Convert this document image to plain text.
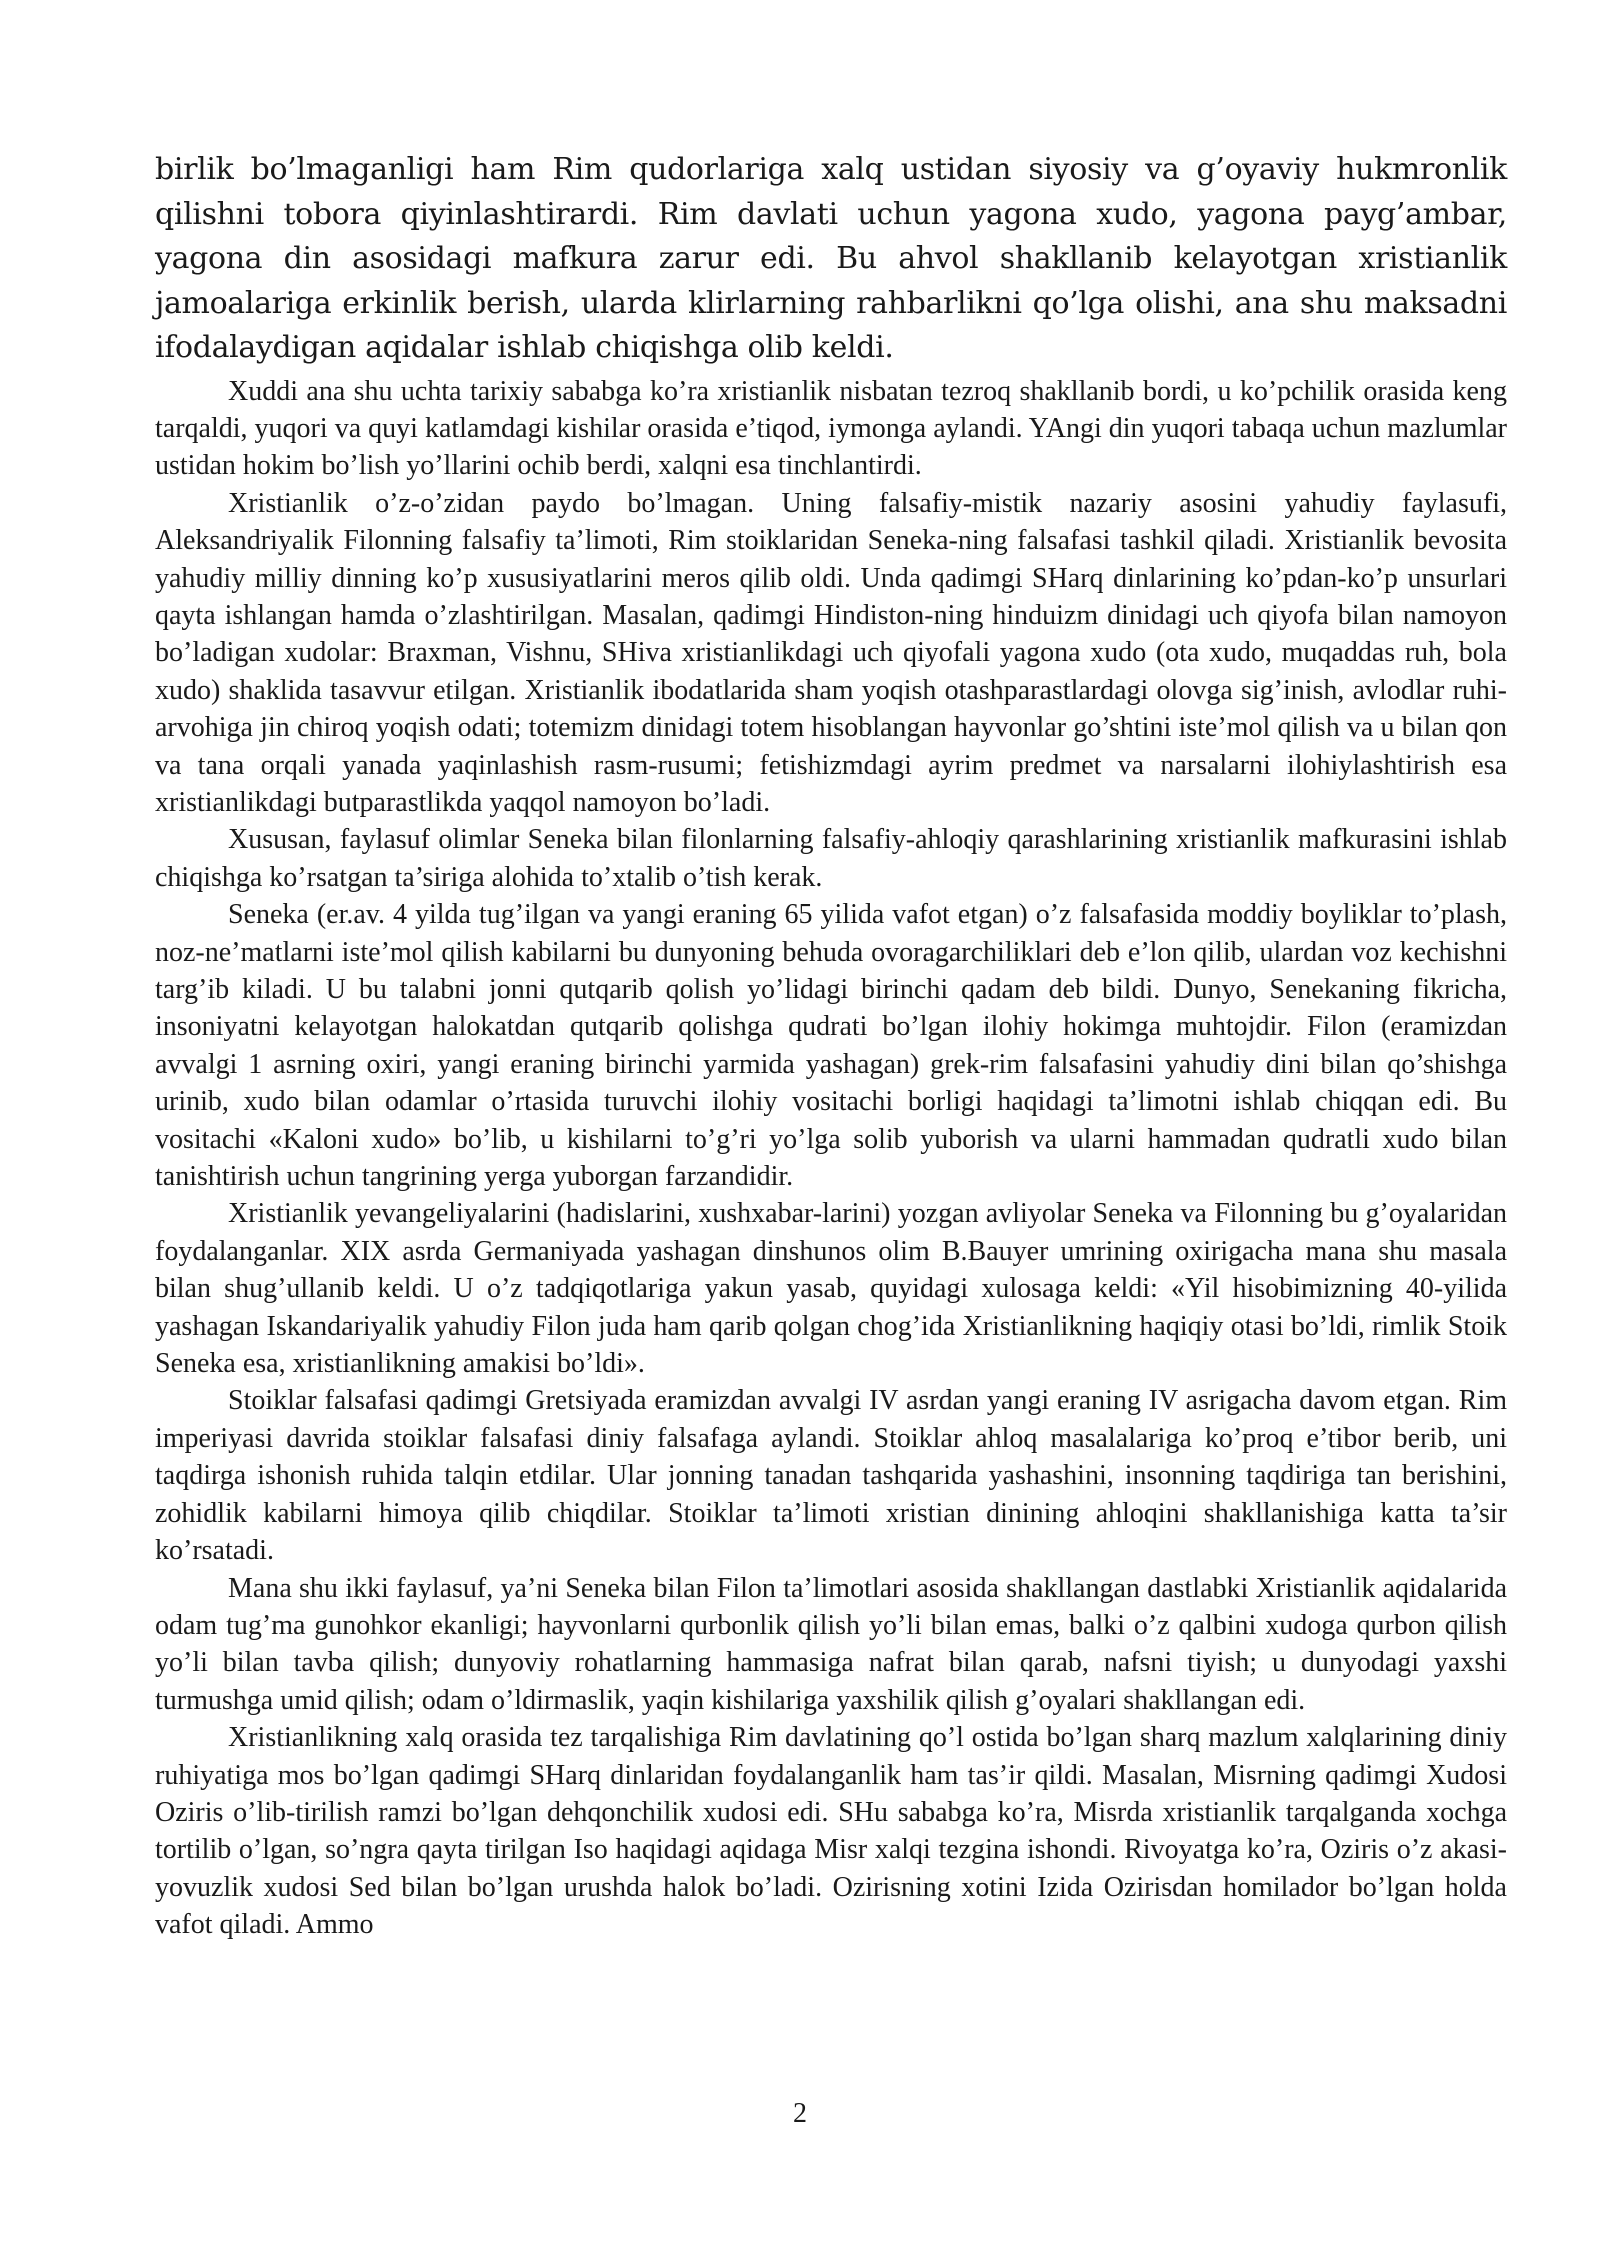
birlik bo’lmaganligi ham Rim qudorlariga xalq ustidan siyosiy va g’oyaviy hukmronlik qilishni tobora qiyinlashtirardi. Rim davlati uchun yagona xudo, yagona payg’ambar, yagona din asosidagi mafkura zarur edi. Bu ahvol shakllanib kelayotgan xristianlik jamoalariga erkinlik berish, ularda klirlarning rahbarlikni qo’lga olishi, ana shu maksadni ifodalaydigan aqidalar ishlab chiqishga olib keldi.

Xuddi ana shu uchta tarixiy sababga ko’ra xristianlik nisbatan tezroq shakllanib bordi, u ko’pchilik orasida keng tarqaldi, yuqori va quyi katlamdagi kishilar orasida e’tiqod, iymonga aylandi. YAngi din yuqori tabaqa uchun mazlumlar ustidan hokim bo’lish yo’llarini ochib berdi, xalqni esa tinchlantirdi.

Xristianlik o’z-o’zidan paydo bo’lmagan. Uning falsafiy-mistik nazariy asosini yahudiy faylasufi, Aleksandriyalik Filonning falsafiy ta’limoti, Rim stoiklaridan Seneka-ning falsafasi tashkil qiladi. Xristianlik bevosita yahudiy milliy dinning ko’p xususiyatlarini meros qilib oldi. Unda qadimgi SHarq dinlarining ko’pdan-ko’p unsurlari qayta ishlangan hamda o’zlashtirilgan. Masalan, qadimgi Hindiston-ning hinduizm dinidagi uch qiyofa bilan namoyon bo’ladigan xudolar: Braxman, Vishnu, SHiva xristianlikdagi uch qiyofali yagona xudo (ota xudo, muqaddas ruh, bola xudo) shaklida tasavvur etilgan. Xristianlik ibodatlarida sham yoqish otashparastlardagi olovga sig’inish, avlodlar ruhi-arvohiga jin chiroq yoqish odati; totemizm dinidagi totem hisoblangan hayvonlar go’shtini iste’mol qilish va u bilan qon va tana orqali yanada yaqinlashish rasm-rusumi; fetishizmdagi ayrim predmet va narsalarni ilohiylashtirish esa xristianlikdagi butparastlikda yaqqol namoyon bo’ladi.

Xususan, faylasuf olimlar Seneka bilan filonlarning falsafiy-ahloqiy qarashlarining xristianlik mafkurasini ishlab chiqishga ko’rsatgan ta’siriga alohida to’xtalib o’tish kerak.

Seneka (er.av. 4 yilda tug’ilgan va yangi eraning 65 yilida vafot etgan) o’z falsafasida moddiy boyliklar to’plash, noz-ne’matlarni iste’mol qilish kabilarni bu dunyoning behuda ovoragarchiliklari deb e’lon qilib, ulardan voz kechishni targ’ib kiladi. U bu talabni jonni qutqarib qolish yo’lidagi birinchi qadam deb bildi. Dunyo, Senekaning fikricha, insoniyatni kelayotgan halokatdan qutqarib qolishga qudrati bo’lgan ilohiy hokimga muhtojdir. Filon (eramizdan avvalgi 1 asrning oxiri, yangi eraning birinchi yarmida yashagan) grek-rim falsafasini yahudiy dini bilan qo’shishga urinib, xudo bilan odamlar o’rtasida turuvchi ilohiy vositachi borligi haqidagi ta’limotni ishlab chiqqan edi. Bu vositachi «Kaloni xudo» bo’lib, u kishilarni to’g’ri yo’lga solib yuborish va ularni hammadan qudratli xudo bilan tanishtirish uchun tangrining yerga yuborgan farzandidir.

Xristianlik yevangeliyalarini (hadislarini, xushxabar-larini) yozgan avliyolar Seneka va Filonning bu g’oyalaridan foydalanganlar. XIX asrda Germaniyada yashagan dinshunos olim B.Bauyer umrining oxirigacha mana shu masala bilan shug’ullanib keldi. U o’z tadqiqotlariga yakun yasab, quyidagi xulosaga keldi: «Yil hisobimizning 40-yilida yashagan Iskandariyalik yahudiy Filon juda ham qarib qolgan chog’ida Xristianlikning haqiqiy otasi bo’ldi, rimlik Stoik Seneka esa, xristianlikning amakisi bo’ldi».

Stoiklar falsafasi qadimgi Gretsiyada eramizdan avvalgi IV asrdan yangi eraning IV asrigacha davom etgan. Rim imperiyasi davrida stoiklar falsafasi diniy falsafaga aylandi. Stoiklar ahloq masalalariga ko’proq e’tibor berib, uni taqdirga ishonish ruhida talqin etdilar. Ular jonning tanadan tashqarida yashashini, insonning taqdiriga tan berishini, zohidlik kabilarni himoya qilib chiqdilar. Stoiklar ta’limoti xristian dinining ahloqini shakllanishiga katta ta’sir ko’rsatadi.

Mana shu ikki faylasuf, ya’ni Seneka bilan Filon ta’limotlari asosida shakllangan dastlabki Xristianlik aqidalarida odam tug’ma gunohkor ekanligi; hayvonlarni qurbonlik qilish yo’li bilan emas, balki o’z qalbini xudoga qurbon qilish yo’li bilan tavba qilish; dunyoviy rohatlarning hammasiga nafrat bilan qarab, nafsni tiyish; u dunyodagi yaxshi turmushga umid qilish; odam o’ldirmaslik, yaqin kishilariga yaxshilik qilish g’oyalari shakllangan edi.

Xristianlikning xalq orasida tez tarqalishiga Rim davlatining qo’l ostida bo’lgan sharq mazlum xalqlarining diniy ruhiyatiga mos bo’lgan qadimgi SHarq dinlaridan foydalanganlik ham tas’ir qildi. Masalan, Misrning qadimgi Xudosi Oziris o’lib-tirilish ramzi bo’lgan dehqonchilik xudosi edi. SHu sababga ko’ra, Misrda xristianlik tarqalganda xochga tortilib o’lgan, so’ngra qayta tirilgan Iso haqidagi aqidaga Misr xalqi tezgina ishondi. Rivoyatga ko’ra, Oziris o’z akasi-yovuzlik xudosi Sed bilan bo’lgan urushda halok bo’ladi. Ozirisning xotini Izida Ozirisdan homilador bo’lgan holda vafot qiladi. Ammo

2
